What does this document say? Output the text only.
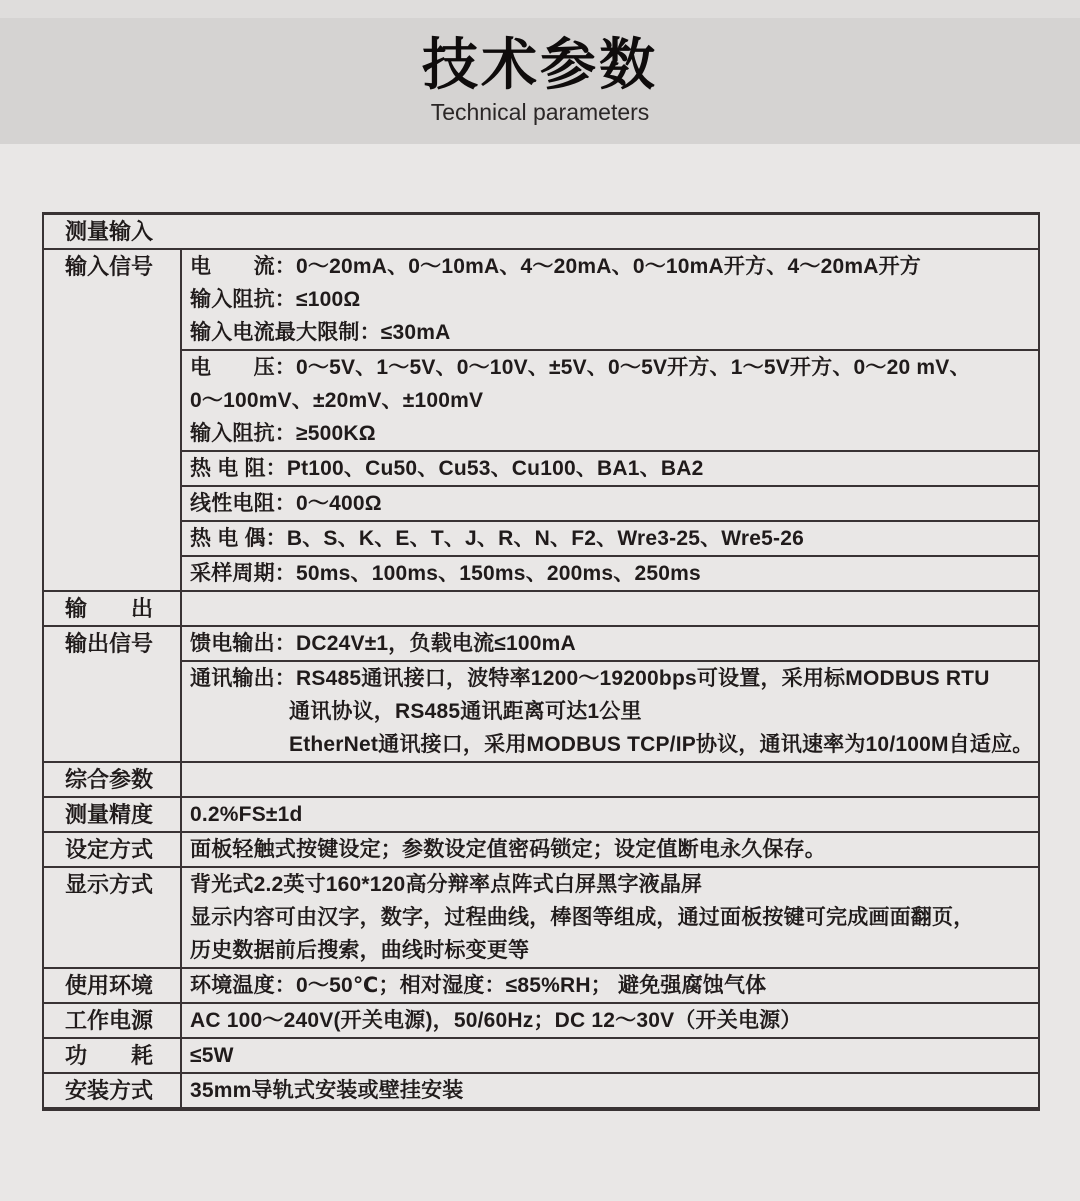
技术参数
Technical parameters
测量输入
输入信号	电　　流：0～20mA、0～10mA、4～20mA、0～10mA开方、4～20mA开方
输入阻抗：≤100Ω
输入电流最大限制：≤30mA
电　　压：0～5V、1～5V、0～10V、±5V、0～5V开方、1～5V开方、0～20 mV、
0～100mV、±20mV、±100mV
输入阻抗：≥500KΩ
热 电 阻：Pt100、Cu50、Cu53、Cu100、BA1、BA2
线性电阻：0～400Ω
热 电 偶：B、S、K、E、T、J、R、N、F2、Wre3-25、Wre5-26
采样周期：50ms、100ms、150ms、200ms、250ms
输　　出
输出信号	馈电输出：DC24V±1，负载电流≤100mA
通讯输出：RS485通讯接口，波特率1200～19200bps可设置，采用标MODBUS RTU
通讯协议，RS485通讯距离可达1公里
EtherNet通讯接口，采用MODBUS TCP/IP协议，通讯速率为10/100M自适应。
综合参数
测量精度	0.2%FS±1d
设定方式	面板轻触式按键设定；参数设定值密码锁定；设定值断电永久保存。
显示方式	背光式2.2英寸160*120高分辩率点阵式白屏黑字液晶屏
显示内容可由汉字，数字，过程曲线，棒图等组成，通过面板按键可完成画面翻页，
历史数据前后搜索，曲线时标变更等
使用环境	环境温度：0～50℃；相对湿度：≤85%RH； 避免强腐蚀气体
工作电源	AC 100～240V(开关电源)，50/60Hz；DC 12～30V（开关电源）
功　　耗	≤5W
安装方式	35mm导轨式安装或壁挂安装
